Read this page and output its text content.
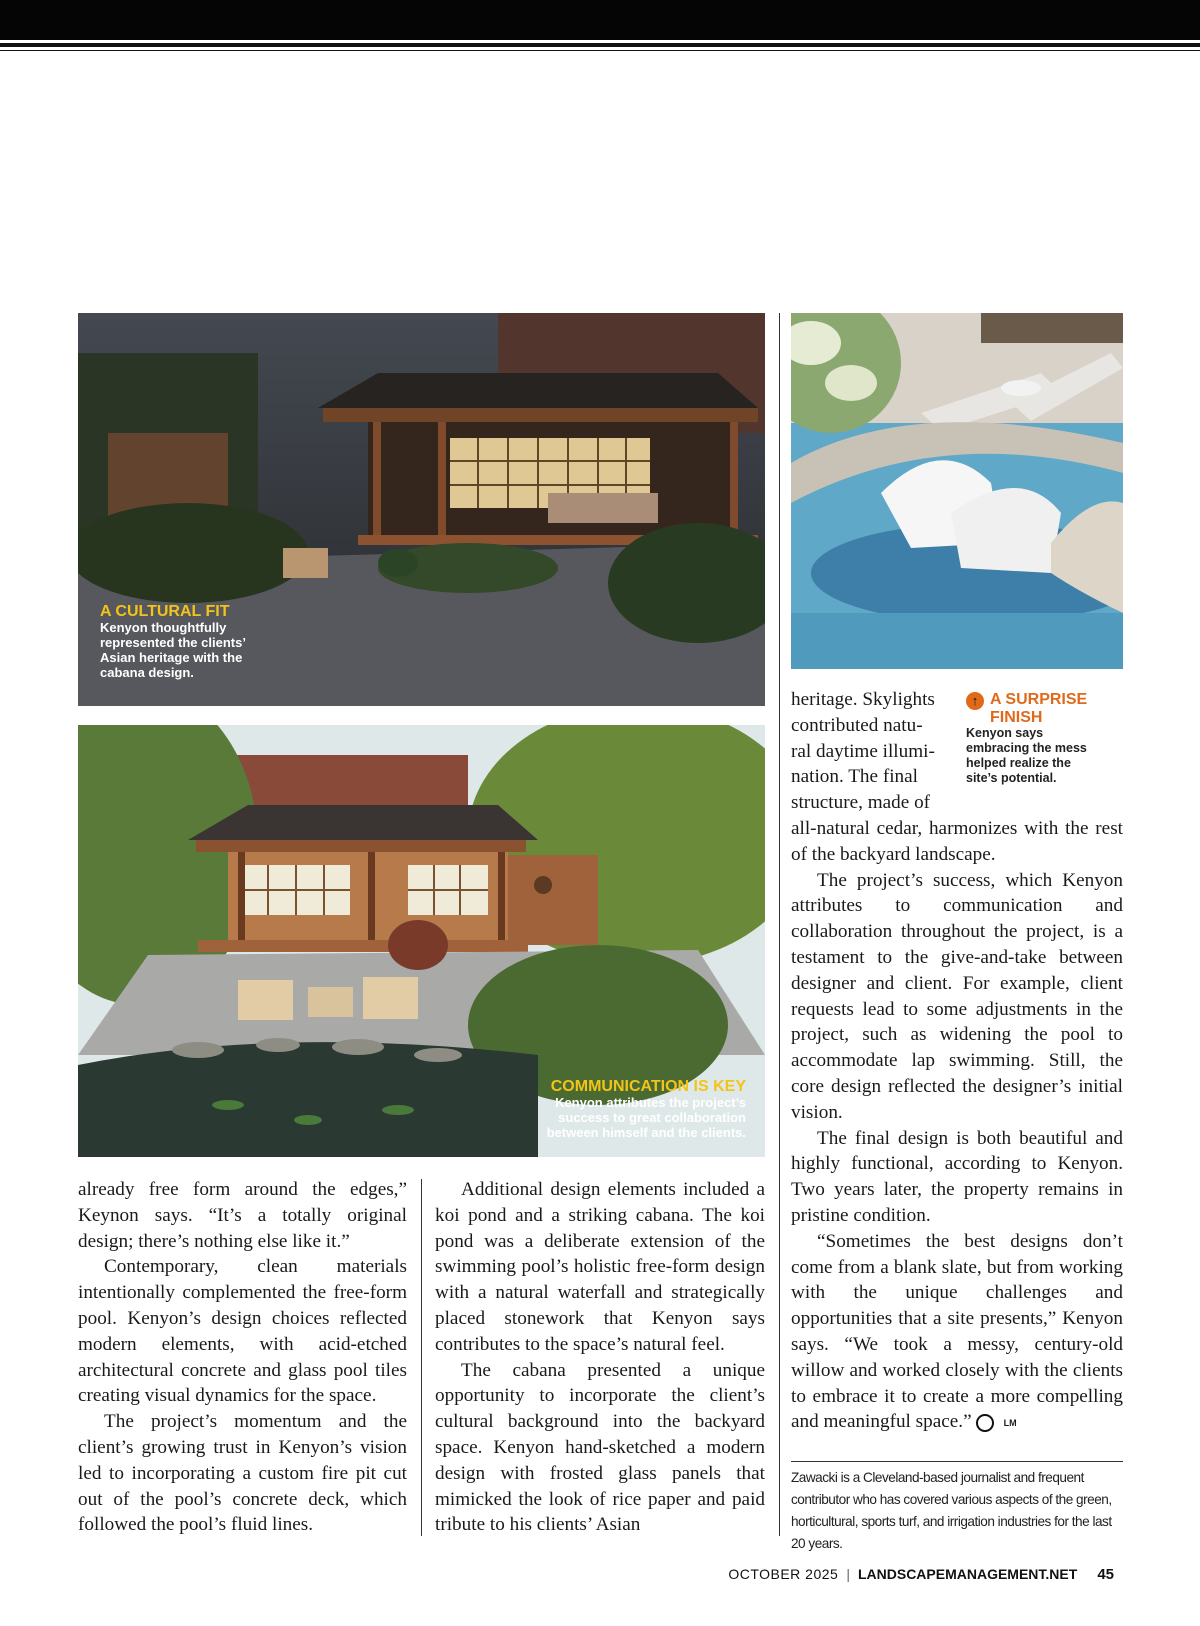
A CULTURAL FIT
Kenyon thoughtfully
represented the clients’
Asian heritage with the
cabana design.
COMMUNICATION IS KEY
Kenyon attributes the project’s
success to great collaboration
between himself and the clients.

already free form around the edges,” Keynon says. “It’s a totally original design; there’s nothing else like it.”

Contemporary, clean materials intentionally complemented the free-form pool. Kenyon’s design choices reflected modern elements, with acid-etched architectural concrete and glass pool tiles creating visual dynamics for the space.

The project’s momentum and the client’s growing trust in Kenyon’s vision led to incorporating a custom fire pit cut out of the pool’s concrete deck, which followed the pool’s fluid lines.

Additional design elements included a koi pond and a striking cabana. The koi pond was a deliberate extension of the swimming pool’s holistic free-form design with a natural waterfall and strategically placed stonework that Kenyon says contributes to the space’s natural feel.

The cabana presented a unique opportunity to incorporate the client’s cultural background into the backyard space. Kenyon hand-sketched a modern design with frosted glass panels that mimicked the look of rice paper and paid tribute to his clients’ Asian

heritage. Skylights
contributed natu-
ral daytime illumi-
nation. The final
structure, made of
↑ A SURPRISE
FINISH
Kenyon says
embracing the mess
helped realize the
site’s potential.

all-natural cedar, harmonizes with the rest of the backyard landscape.

The project’s success, which Kenyon attributes to communication and collaboration throughout the project, is a testament to the give-and-take between designer and client. For example, client requests lead to some adjustments in the project, such as widening the pool to accommodate lap swimming. Still, the core design reflected the designer’s initial vision.

The final design is both beautiful and highly functional, according to Kenyon. Two years later, the property remains in pristine condition.

“Sometimes the best designs don’t come from a blank slate, but from working with the unique challenges and opportunities that a site presents,” Kenyon says. “We took a messy, century-old willow and worked closely with the clients to embrace it to create a more compelling and meaningful space.”	LM

Zawacki is a Cleveland-based journalist and frequent contributor who has covered various aspects of the green, horticultural, sports turf, and irrigation industries for the last 20 years.
OCTOBER 2025 | LANDSCAPEMANAGEMENT.NET 45
